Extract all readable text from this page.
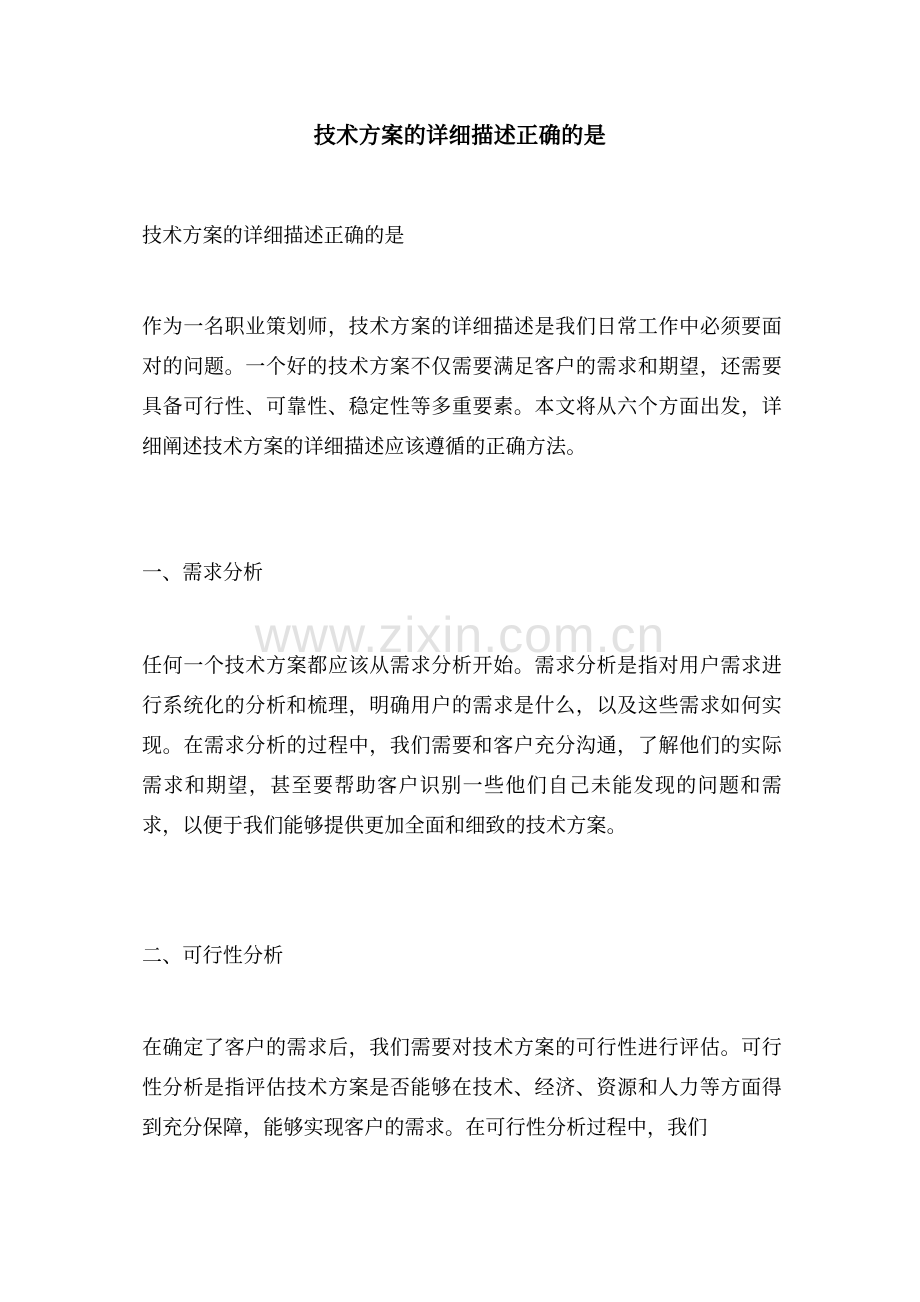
www.zixin.com.cn
技术方案的详细描述正确的是

技术方案的详细描述正确的是

作为一名职业策划师，技术方案的详细描述是我们日常工作中必须要面对的问题。一个好的技术方案不仅需要满足客户的需求和期望，还需要具备可行性、可靠性、稳定性等多重要素。本文将从六个方面出发，详细阐述技术方案的详细描述应该遵循的正确方法。

一、需求分析

任何一个技术方案都应该从需求分析开始。需求分析是指对用户需求进行系统化的分析和梳理，明确用户的需求是什么，以及这些需求如何实现。在需求分析的过程中，我们需要和客户充分沟通，了解他们的实际需求和期望，甚至要帮助客户识别一些他们自己未能发现的问题和需求，以便于我们能够提供更加全面和细致的技术方案。

二、可行性分析

在确定了客户的需求后，我们需要对技术方案的可行性进行评估。可行性分析是指评估技术方案是否能够在技术、经济、资源和人力等方面得到充分保障，能够实现客户的需求。在可行性分析过程中，我们
